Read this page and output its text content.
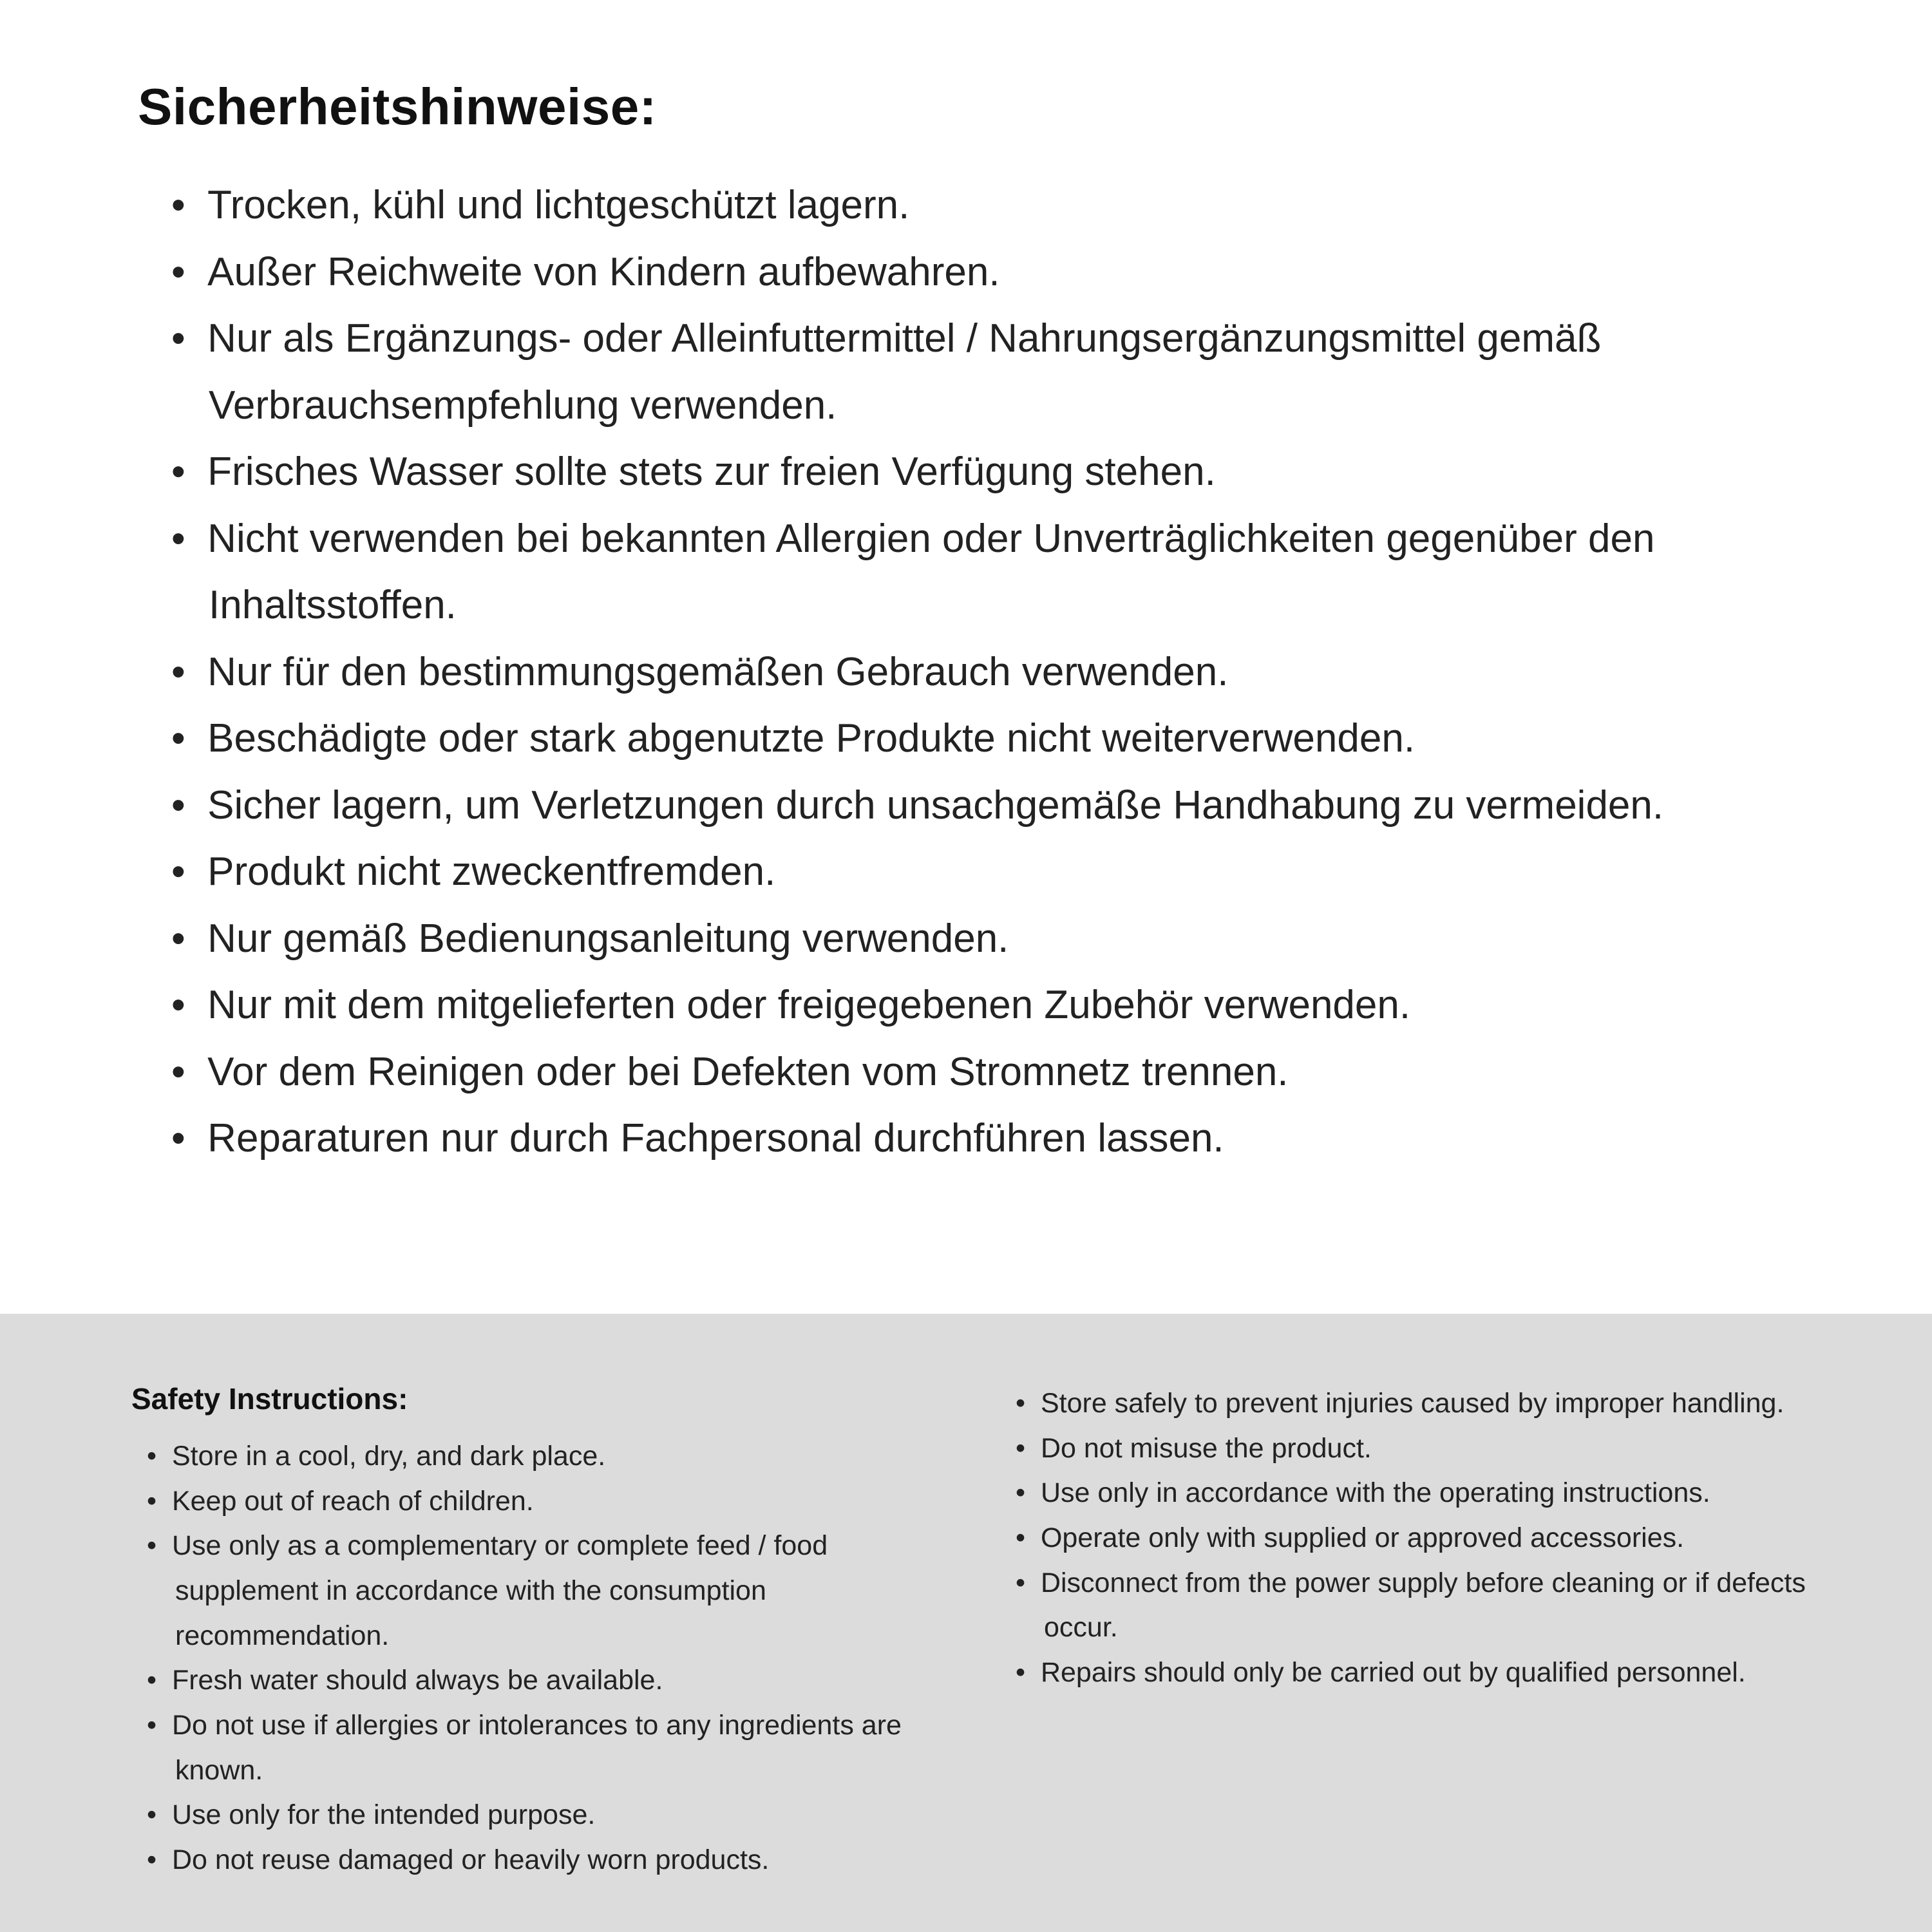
Sicherheitshinweise:
•  Trocken, kühl und lichtgeschützt lagern.
•  Außer Reichweite von Kindern aufbewahren.
•  Nur als Ergänzungs- oder Alleinfuttermittel / Nahrungsergänzungsmittel gemäß Verbrauchsempfehlung verwenden.
•  Frisches Wasser sollte stets zur freien Verfügung stehen.
•  Nicht verwenden bei bekannten Allergien oder Unverträglichkeiten gegenüber den Inhaltsstoffen.
•  Nur für den bestimmungsgemäßen Gebrauch verwenden.
•  Beschädigte oder stark abgenutzte Produkte nicht weiterverwenden.
•  Sicher lagern, um Verletzungen durch unsachgemäße Handhabung zu vermeiden.
•  Produkt nicht zweckentfremden.
•  Nur gemäß Bedienungsanleitung verwenden.
•  Nur mit dem mitgelieferten oder freigegebenen Zubehör verwenden.
•  Vor dem Reinigen oder bei Defekten vom Stromnetz trennen.
•  Reparaturen nur durch Fachpersonal durchführen lassen.
Safety Instructions:
•  Store in a cool, dry, and dark place.
•  Keep out of reach of children.
•  Use only as a complementary or complete feed / food supplement in accordance with the consumption recommendation.
•  Fresh water should always be available.
•  Do not use if allergies or intolerances to any ingredients are known.
•  Use only for the intended purpose.
•  Do not reuse damaged or heavily worn products.
•  Store safely to prevent injuries caused by improper handling.
•  Do not misuse the product.
•  Use only in accordance with the operating instructions.
•  Operate only with supplied or approved accessories.
•  Disconnect from the power supply before cleaning or if defects occur.
•  Repairs should only be carried out by qualified personnel.
